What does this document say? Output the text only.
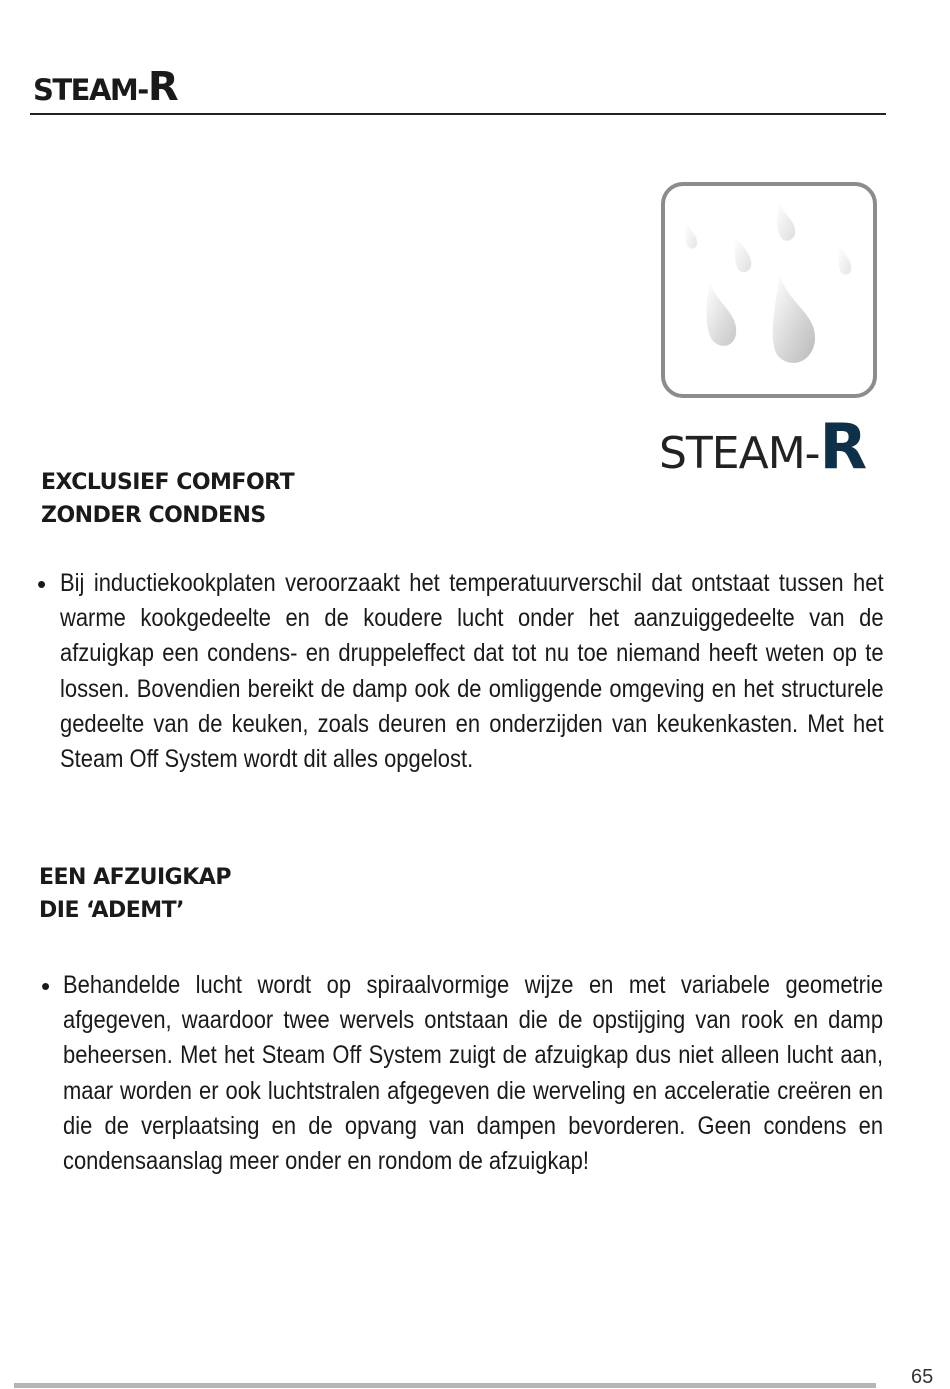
STEAM-R
STEAM-R
EXCLUSIEF COMFORT
ZONDER CONDENS
• Bij inductiekookplaten veroorzaakt het temperatuurverschil dat ontstaat tussen het warme kookgedeelte en de koudere lucht onder het aanzuiggedeelte van de afzuigkap een condens- en druppeleffect dat tot nu toe niemand heeft weten op te lossen. Bovendien bereikt de damp ook de omliggende omgeving en het structurele gedeelte van de keuken, zoals deuren en onderzijden van keukenkasten. Met het Steam Off System wordt dit alles opgelost.
EEN AFZUIGKAP
DIE ‘ADEMT’
• Behandelde lucht wordt op spiraalvormige wijze en met variabele geometrie afgegeven, waardoor twee wervels ontstaan die de opstijging van rook en damp beheersen. Met het Steam Off System zuigt de afzuigkap dus niet alleen lucht aan, maar worden er ook luchtstralen afgegeven die werveling en acceleratie creëren en die de verplaatsing en de opvang van dampen bevorderen. Geen condens en condensaanslag meer onder en rondom de afzuigkap!
65
